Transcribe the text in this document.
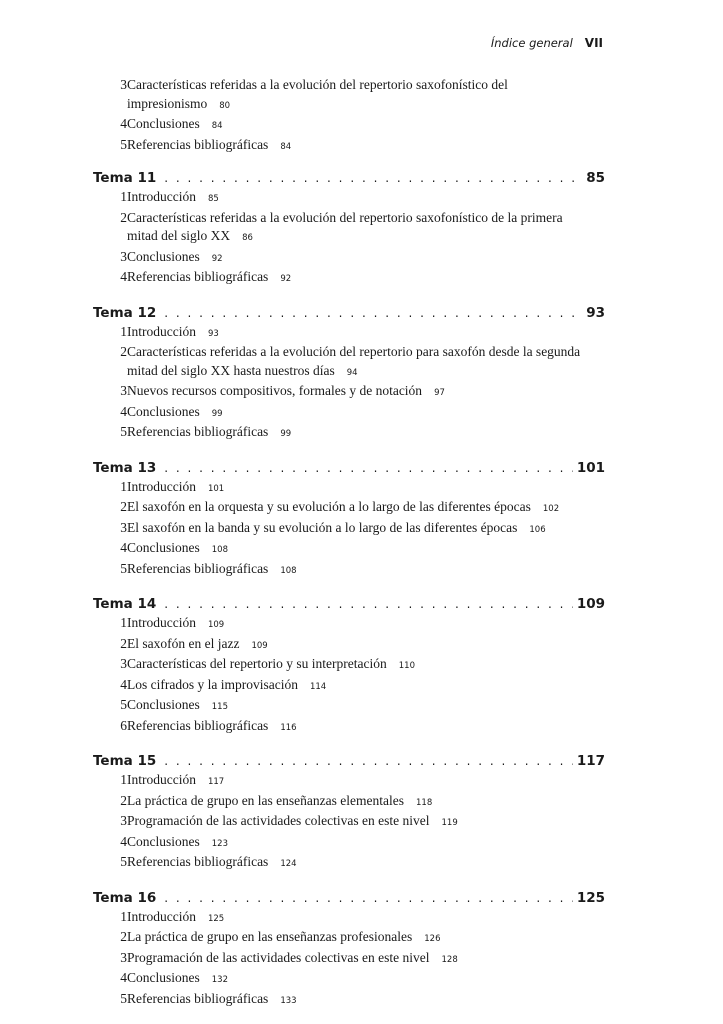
Índice general VII
3 Características referidas a la evolución del repertorio saxofonístico del
impresionismo 80
4 Conclusiones 84
5 Referencias bibliográficas 84
Tema 11 . . .	85
1 Introducción 85
2 Características referidas a la evolución del repertorio saxofonístico de la primera
mitad del siglo XX 86
3 Conclusiones 92
4 Referencias bibliográficas 92
Tema 12 . . .	93
1 Introducción 93
2 Características referidas a la evolución del repertorio para saxofón desde la segunda
mitad del siglo XX hasta nuestros días 94
3 Nuevos recursos compositivos, formales y de notación 97
4 Conclusiones 99
5 Referencias bibliográficas 99
Tema 13 . . .	101
1 Introducción 101
2 El saxofón en la orquesta y su evolución a lo largo de las diferentes épocas 102
3 El saxofón en la banda y su evolución a lo largo de las diferentes épocas 106
4 Conclusiones 108
5 Referencias bibliográficas 108
Tema 14 . . .	109
1 Introducción 109
2 El saxofón en el jazz 109
3 Características del repertorio y su interpretación 110
4 Los cifrados y la improvisación 114
5 Conclusiones 115
6 Referencias bibliográficas 116
Tema 15 . . .	117
1 Introducción 117
2 La práctica de grupo en las enseñanzas elementales 118
3 Programación de las actividades colectivas en este nivel 119
4 Conclusiones 123
5 Referencias bibliográficas 124
Tema 16 . . .	125
1 Introducción 125
2 La práctica de grupo en las enseñanzas profesionales 126
3 Programación de las actividades colectivas en este nivel 128
4 Conclusiones 132
5 Referencias bibliográficas 133
